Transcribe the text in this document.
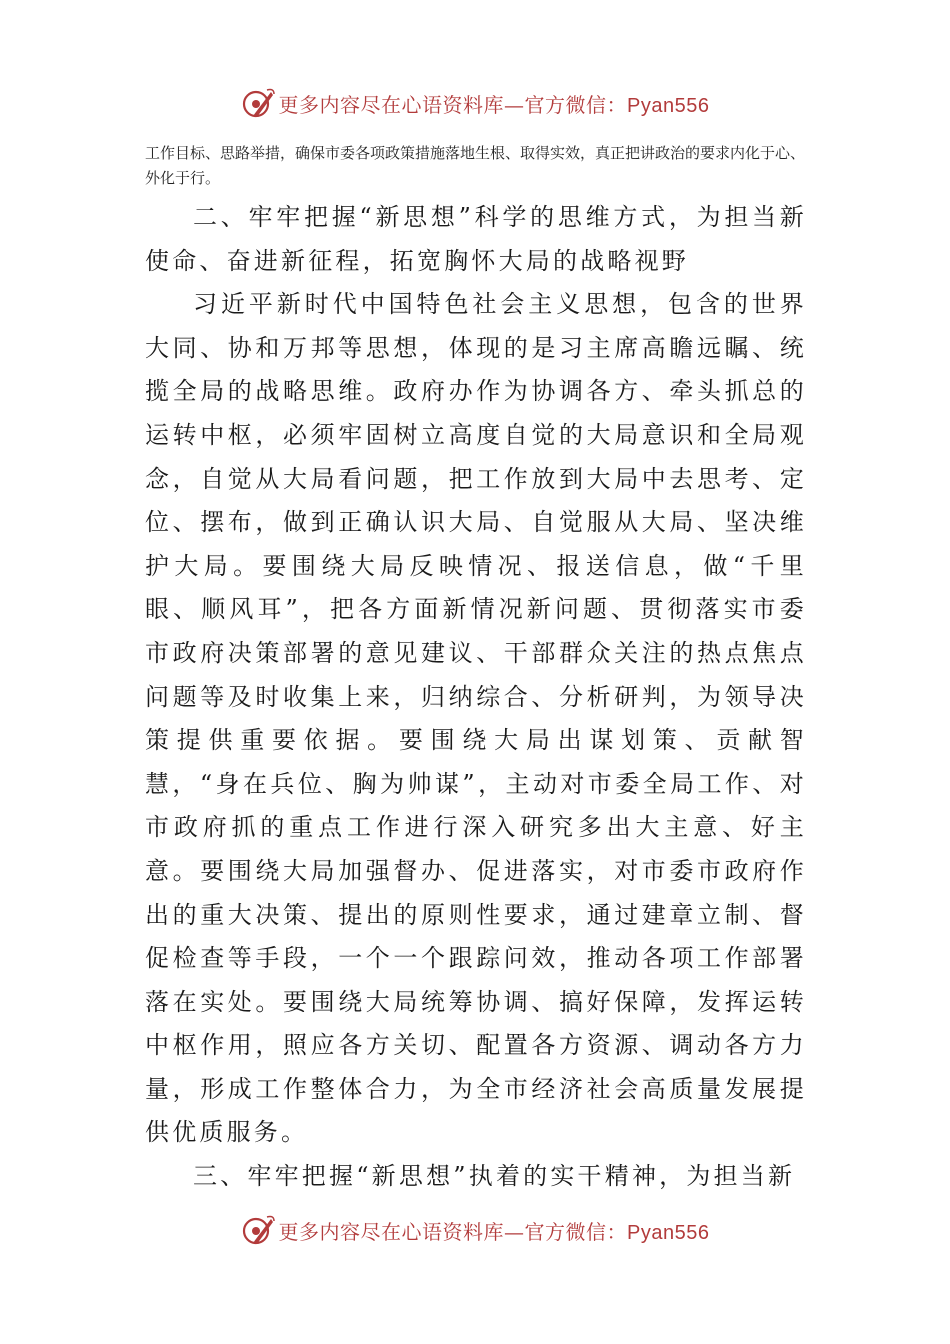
更多内容尽在心语资料库—官方微信：Pyan556

工作目标、思路举措，确保市委各项政策措施落地生根、取得实效，真正把讲政治的要求内化于心、外化于行。

二、牢牢把握“新思想”科学的思维方式，为担当新使命、奋进新征程，拓宽胸怀大局的战略视野

习近平新时代中国特色社会主义思想，包含的世界大同、协和万邦等思想，体现的是习主席高瞻远瞩、统揽全局的战略思维。政府办作为协调各方、牵头抓总的运转中枢，必须牢固树立高度自觉的大局意识和全局观念，自觉从大局看问题，把工作放到大局中去思考、定位、摆布，做到正确认识大局、自觉服从大局、坚决维护大局。要围绕大局反映情况、报送信息，做“千里眼、顺风耳”，把各方面新情况新问题、贯彻落实市委市政府决策部署的意见建议、干部群众关注的热点焦点问题等及时收集上来，归纳综合、分析研判，为领导决策提供重要依据。要围绕大局出谋划策、贡献智慧，“身在兵位、胸为帅谋”，主动对市委全局工作、对市政府抓的重点工作进行深入研究多出大主意、好主意。要围绕大局加强督办、促进落实，对市委市政府作出的重大决策、提出的原则性要求，通过建章立制、督促检查等手段，一个一个跟踪问效，推动各项工作部署落在实处。要围绕大局统筹协调、搞好保障，发挥运转中枢作用，照应各方关切、配置各方资源、调动各方力量，形成工作整体合力，为全市经济社会高质量发展提供优质服务。

三、牢牢把握“新思想”执着的实干精神，为担当新

更多内容尽在心语资料库—官方微信：Pyan556
